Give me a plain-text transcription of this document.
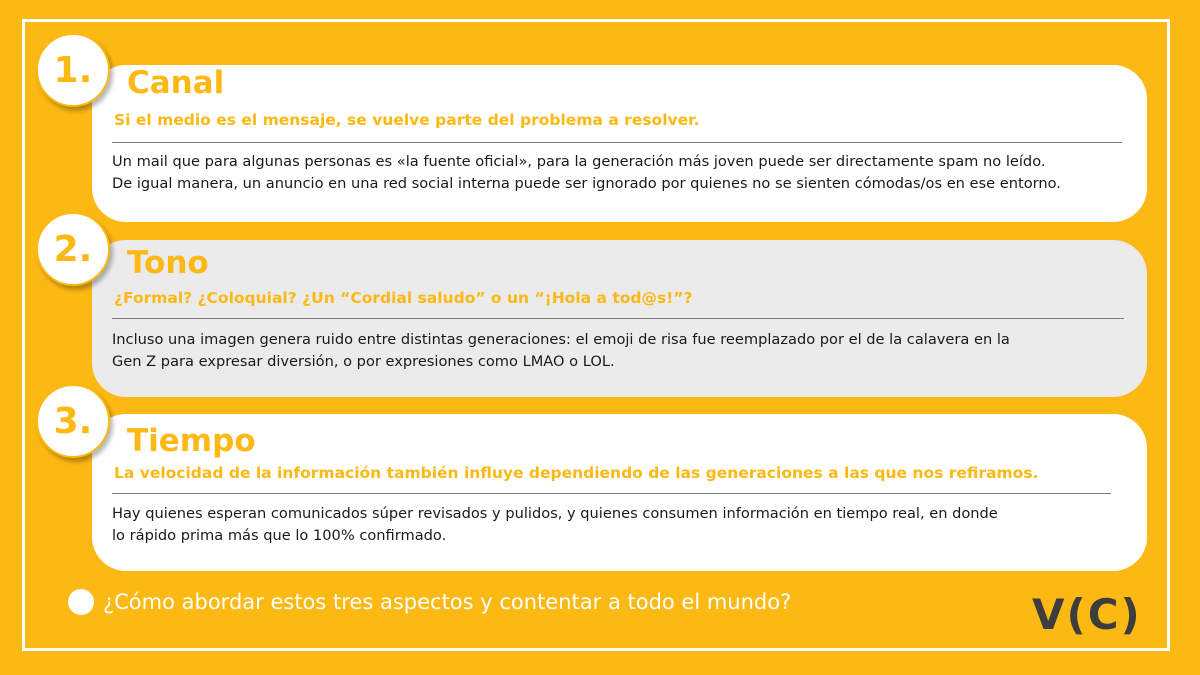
1.	Canal
Si el medio es el mensaje, se vuelve parte del problema a resolver.
Un mail que para algunas personas es «la fuente oficial», para la generación más joven puede ser directamente spam no leído.
De igual manera, un anuncio en una red social interna puede ser ignorado por quienes no se sienten cómodas/os en ese entorno.
2.	Tono
¿Formal? ¿Coloquial? ¿Un “Cordial saludo” o un “¡Hola a tod@s!”?
Incluso una imagen genera ruido entre distintas generaciones: el emoji de risa fue reemplazado por el de la calavera en la
Gen Z para expresar diversión, o por expresiones como LMAO o LOL.
3.	Tiempo
La velocidad de la información también influye dependiendo de las generaciones a las que nos refiramos.
Hay quienes esperan comunicados súper revisados y pulidos, y quienes consumen información en tiempo real, en donde
lo rápido prima más que lo 100% confirmado.
¿Cómo abordar estos tres aspectos y contentar a todo el mundo?	V(C)
